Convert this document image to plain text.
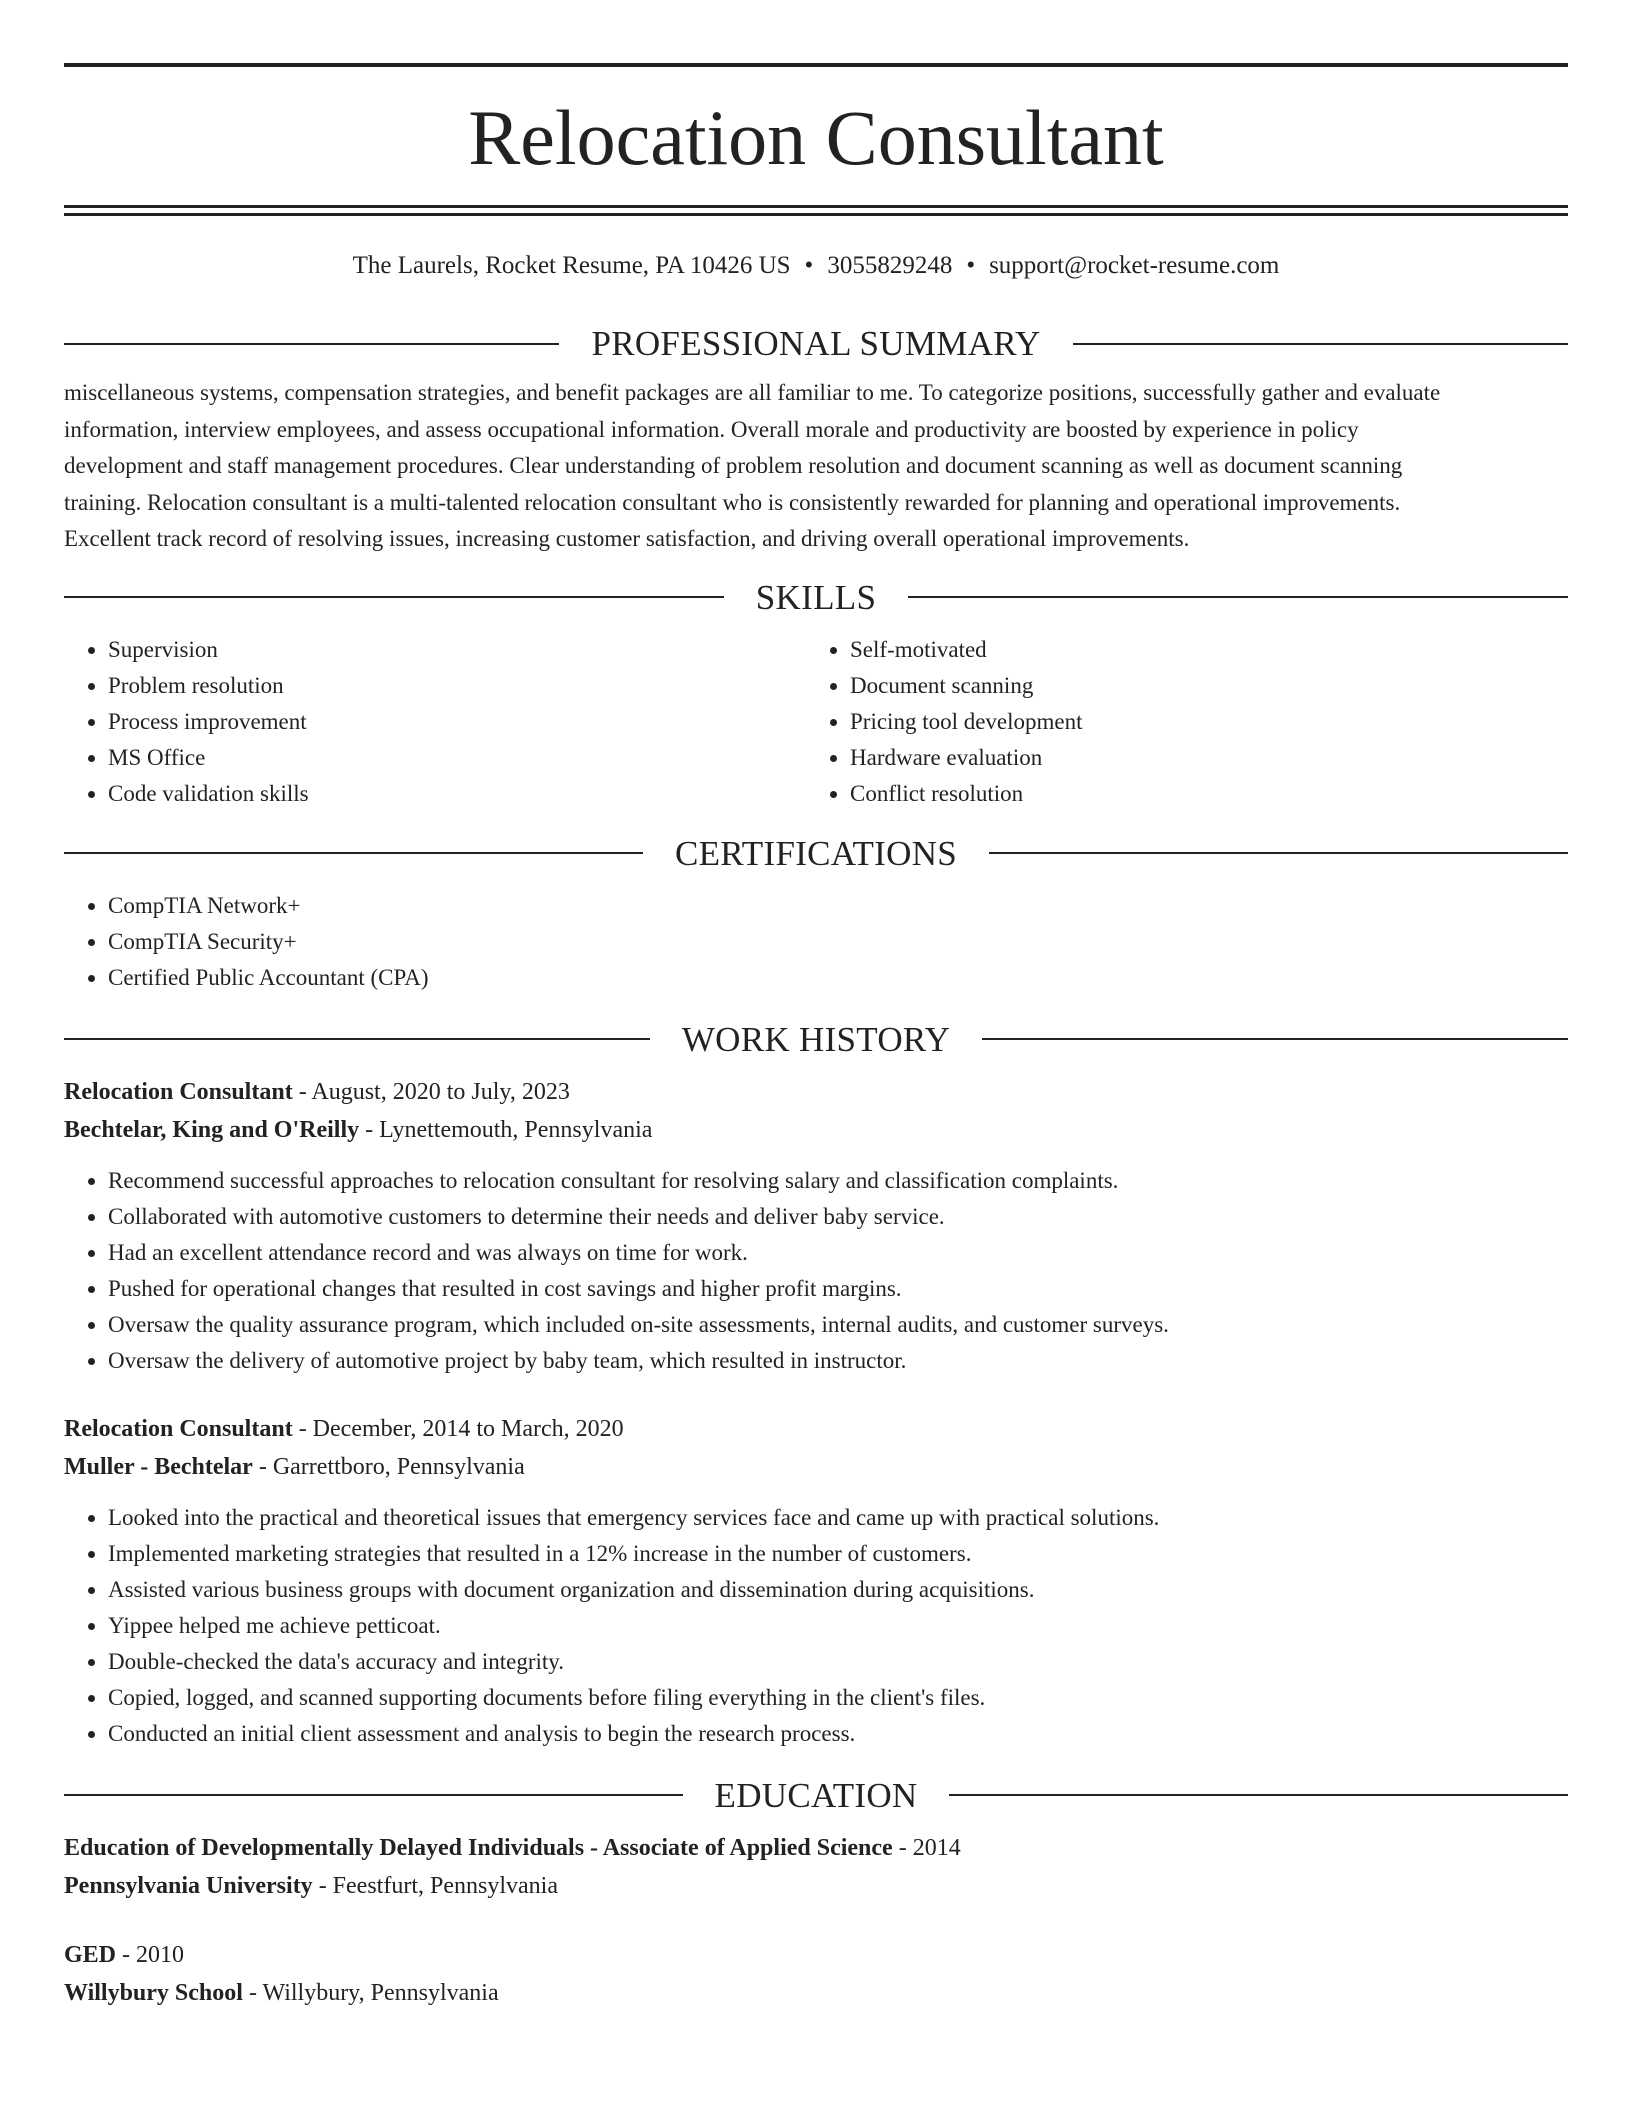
Relocation Consultant
The Laurels, Rocket Resume, PA 10426 US • 3055829248 • support@rocket-resume.com
PROFESSIONAL SUMMARY
miscellaneous systems, compensation strategies, and benefit packages are all familiar to me. To categorize positions, successfully gather and evaluate
information, interview employees, and assess occupational information. Overall morale and productivity are boosted by experience in policy
development and staff management procedures. Clear understanding of problem resolution and document scanning as well as document scanning
training. Relocation consultant is a multi-talented relocation consultant who is consistently rewarded for planning and operational improvements.
Excellent track record of resolving issues, increasing customer satisfaction, and driving overall operational improvements.
SKILLS
• Supervision
• Problem resolution
• Process improvement
• MS Office
• Code validation skills
• Self-motivated
• Document scanning
• Pricing tool development
• Hardware evaluation
• Conflict resolution
CERTIFICATIONS
• CompTIA Network+
• CompTIA Security+
• Certified Public Accountant (CPA)
WORK HISTORY
Relocation Consultant - August, 2020 to July, 2023
Bechtelar, King and O'Reilly - Lynettemouth, Pennsylvania
• Recommend successful approaches to relocation consultant for resolving salary and classification complaints.
• Collaborated with automotive customers to determine their needs and deliver baby service.
• Had an excellent attendance record and was always on time for work.
• Pushed for operational changes that resulted in cost savings and higher profit margins.
• Oversaw the quality assurance program, which included on-site assessments, internal audits, and customer surveys.
• Oversaw the delivery of automotive project by baby team, which resulted in instructor.
Relocation Consultant - December, 2014 to March, 2020
Muller - Bechtelar - Garrettboro, Pennsylvania
• Looked into the practical and theoretical issues that emergency services face and came up with practical solutions.
• Implemented marketing strategies that resulted in a 12% increase in the number of customers.
• Assisted various business groups with document organization and dissemination during acquisitions.
• Yippee helped me achieve petticoat.
• Double-checked the data's accuracy and integrity.
• Copied, logged, and scanned supporting documents before filing everything in the client's files.
• Conducted an initial client assessment and analysis to begin the research process.
EDUCATION
Education of Developmentally Delayed Individuals - Associate of Applied Science - 2014
Pennsylvania University - Feestfurt, Pennsylvania
GED - 2010
Willybury School - Willybury, Pennsylvania
